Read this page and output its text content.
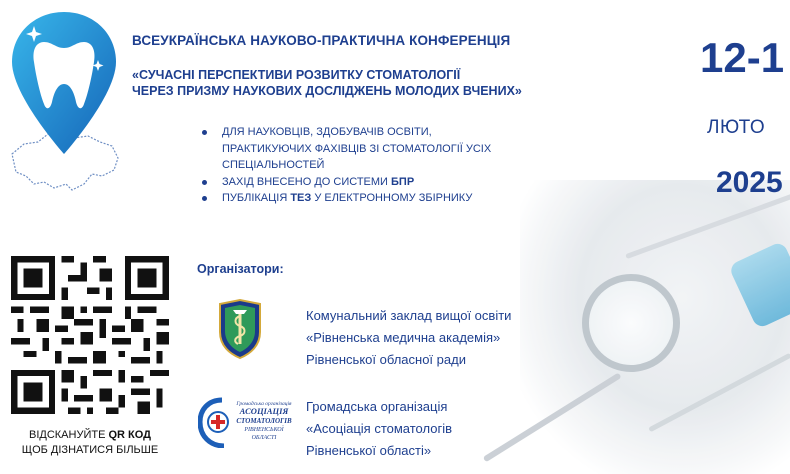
ВСЕУКРАЇНСЬКА НАУКОВО-ПРАКТИЧНА КОНФЕРЕНЦІЯ
«СУЧАСНІ ПЕРСПЕКТИВИ РОЗВИТКУ СТОМАТОЛОГІЇ
ЧЕРЕЗ ПРИЗМУ НАУКОВИХ ДОСЛІДЖЕНЬ МОЛОДИХ ВЧЕНИХ»
ДЛЯ НАУКОВЦІВ, ЗДОБУВАЧІВ ОСВІТИ,
ПРАКТИКУЮЧИХ ФАХІВЦІВ ЗІ СТОМАТОЛОГІЇ УСІХ
СПЕЦІАЛЬНОСТЕЙ
ЗАХІД ВНЕСЕНО ДО СИСТЕМИ БПР
ПУБЛІКАЦІЯ ТЕЗ У ЕЛЕКТРОННОМУ ЗБІРНИКУ
12-1
ЛЮТО
2025
ВІДСКАНУЙТЕ QR КОД
ЩОБ ДІЗНАТИСЯ БІЛЬШЕ
Організатори:
Комунальний заклад вищої освіти
«Рівненська медична академія»
Рівненської обласної ради
Громадська організація
АСОЦІАЦІЯ
СТОМАТОЛОГІВ
РІВНЕНСЬКОЇ
ОБЛАСТІ
Громадська організація
«Асоціація стоматологів
Рівненської області»
